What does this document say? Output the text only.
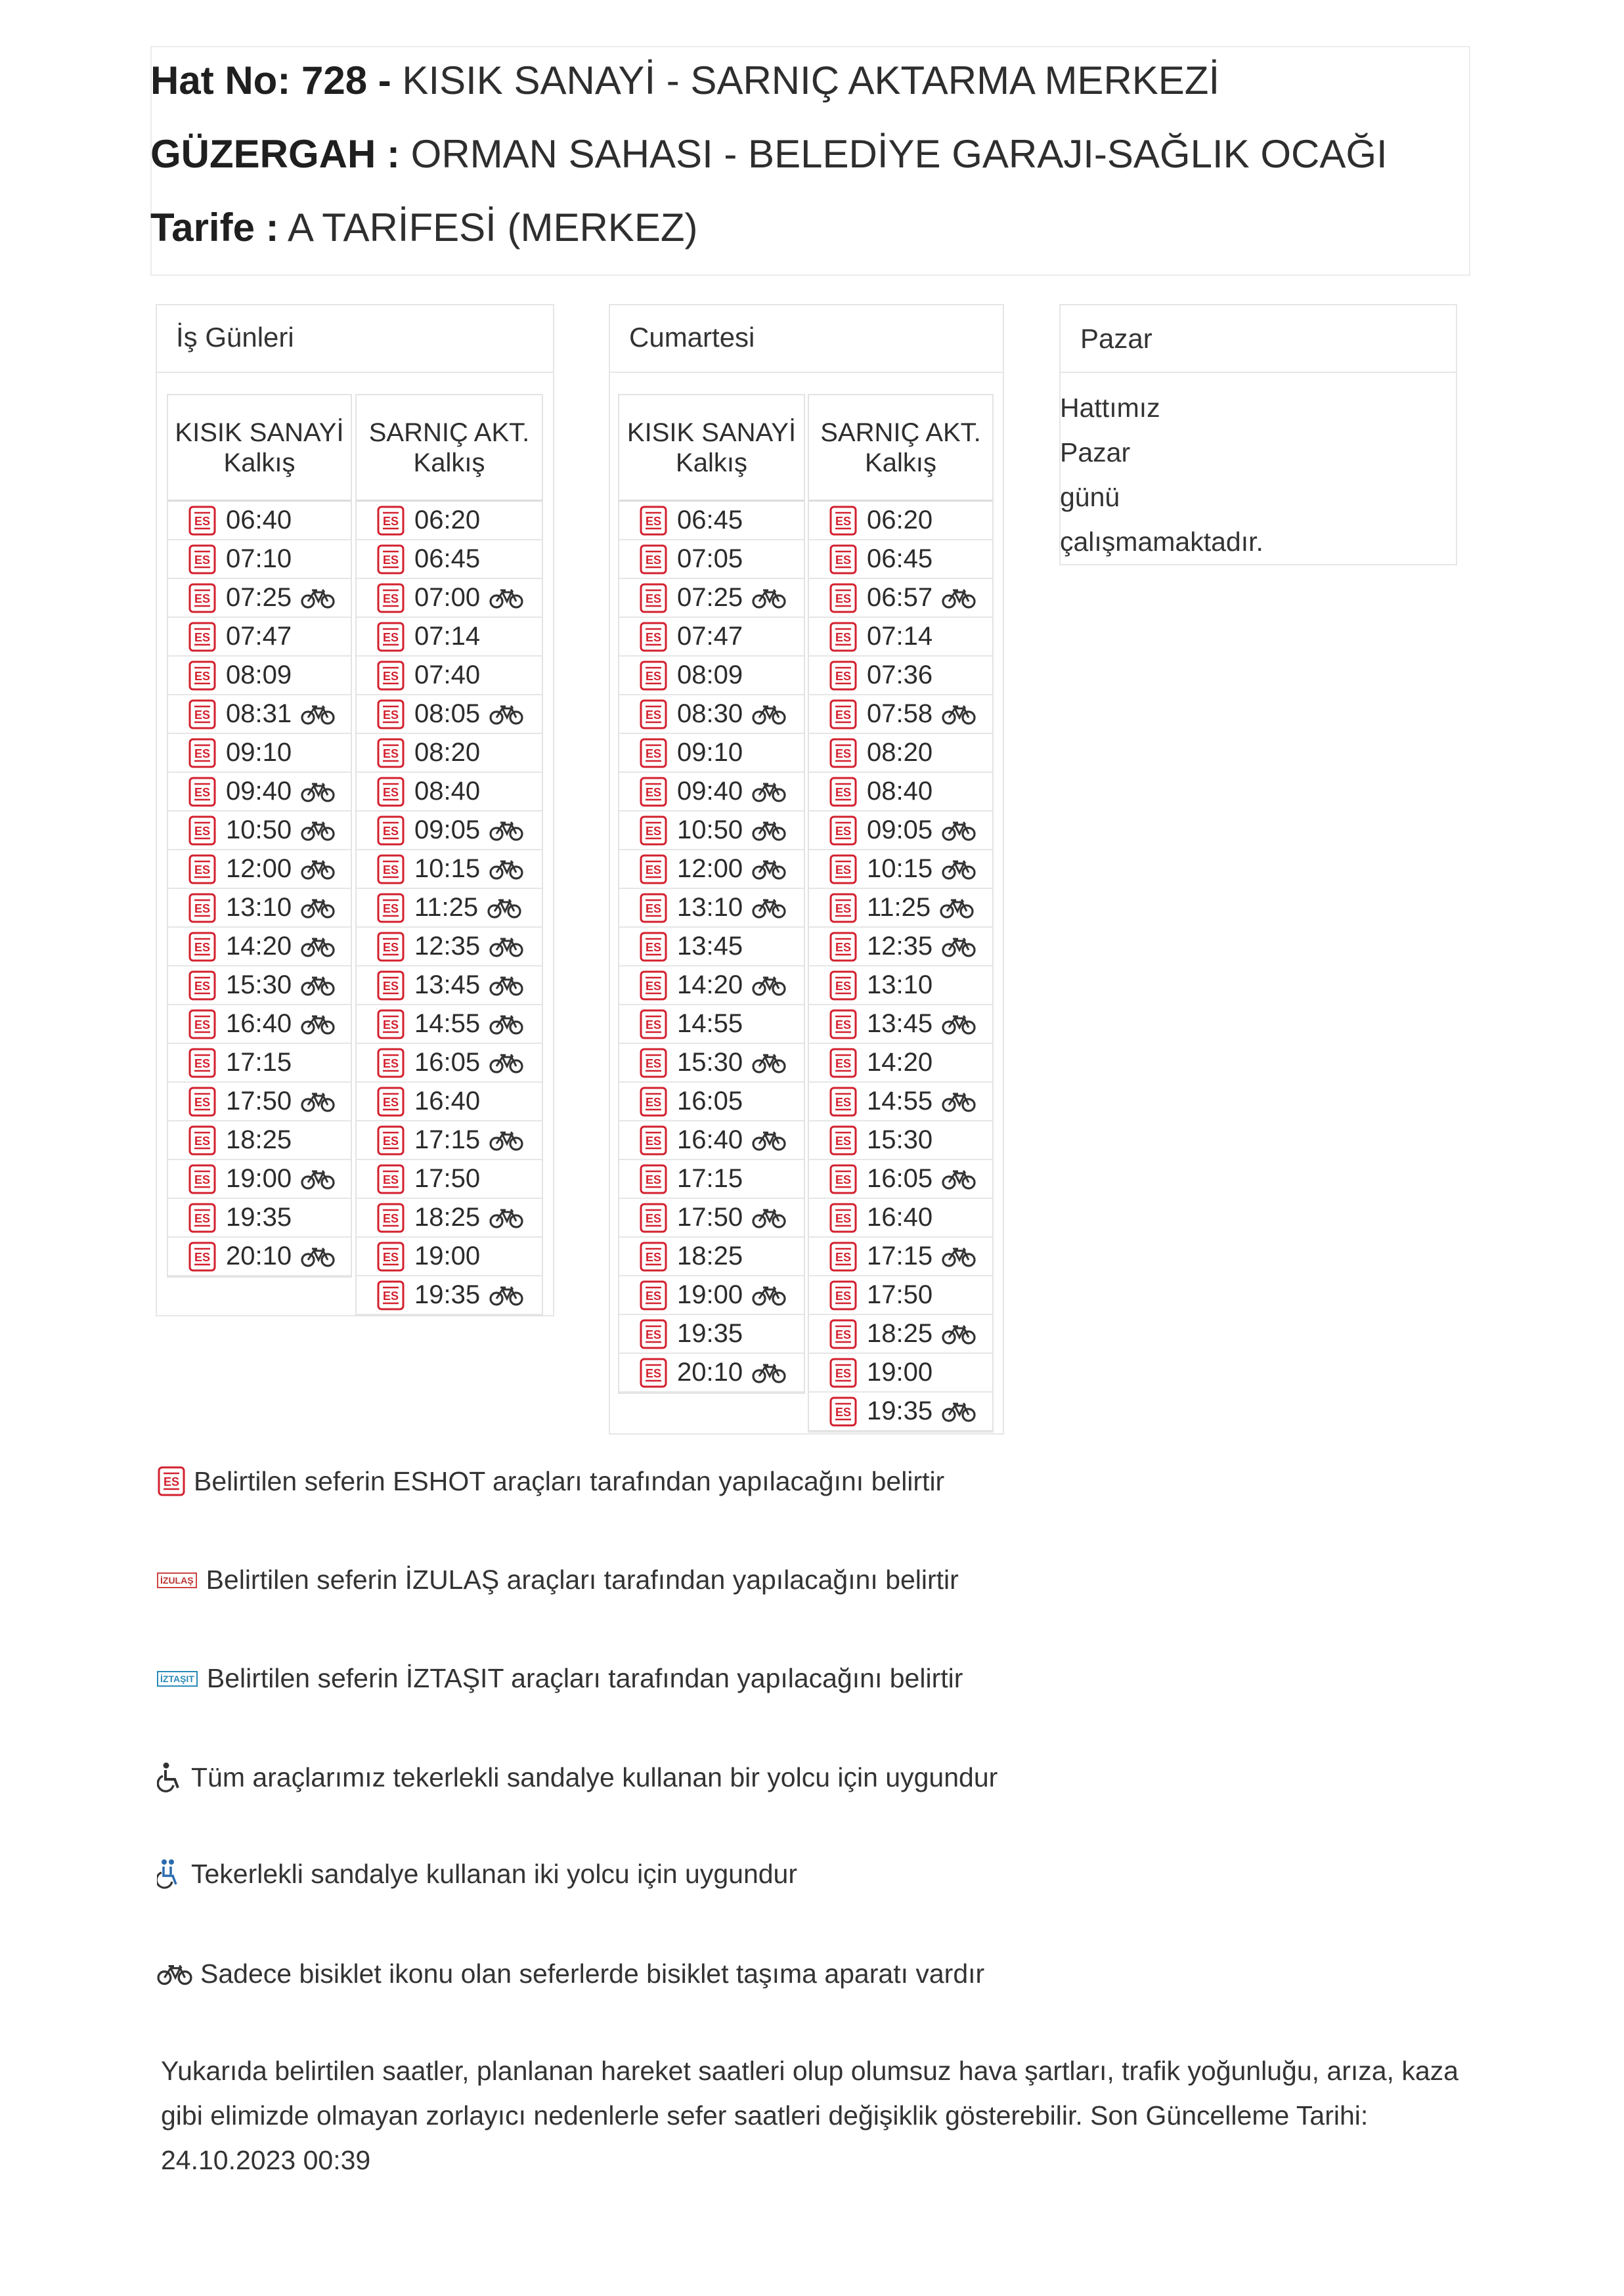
Hat No: 728 - KISIK SANAYİ - SARNIÇ AKTARMA MERKEZİ
GÜZERGAH : ORMAN SAHASI - BELEDİYE GARAJI-SAĞLIK OCAĞI
Tarife : A TARİFESİ (MERKEZ)
İş Günleri
KISIK SANAYİ
Kalkış
06:40
07:10
07:25
07:47
08:09
08:31
09:10
09:40
10:50
12:00
13:10
14:20
15:30
16:40
17:15
17:50
18:25
19:00
19:35
20:10
SARNIÇ AKT.
Kalkış
06:20
06:45
07:00
07:14
07:40
08:05
08:20
08:40
09:05
10:15
11:25
12:35
13:45
14:55
16:05
16:40
17:15
17:50
18:25
19:00
19:35
Cumartesi
KISIK SANAYİ
Kalkış
06:45
07:05
07:25
07:47
08:09
08:30
09:10
09:40
10:50
12:00
13:10
13:45
14:20
14:55
15:30
16:05
16:40
17:15
17:50
18:25
19:00
19:35
20:10
SARNIÇ AKT.
Kalkış
06:20
06:45
06:57
07:14
07:36
07:58
08:20
08:40
09:05
10:15
11:25
12:35
13:10
13:45
14:20
14:55
15:30
16:05
16:40
17:15
17:50
18:25
19:00
19:35
Pazar
Hattımız
Pazar
günü
çalışmamaktadır.
Belirtilen seferin ESHOT araçları tarafından yapılacağını belirtir
İZULAŞ Belirtilen seferin İZULAŞ araçları tarafından yapılacağını belirtir
İZTAŞIT Belirtilen seferin İZTAŞIT araçları tarafından yapılacağını belirtir
Tüm araçlarımız tekerlekli sandalye kullanan bir yolcu için uygundur
Tekerlekli sandalye kullanan iki yolcu için uygundur
Sadece bisiklet ikonu olan seferlerde bisiklet taşıma aparatı vardır
Yukarıda belirtilen saatler, planlanan hareket saatleri olup olumsuz hava şartları, trafik yoğunluğu, arıza, kaza gibi elimizde olmayan zorlayıcı nedenlerle sefer saatleri değişiklik gösterebilir. Son Güncelleme Tarihi: 24.10.2023 00:39
